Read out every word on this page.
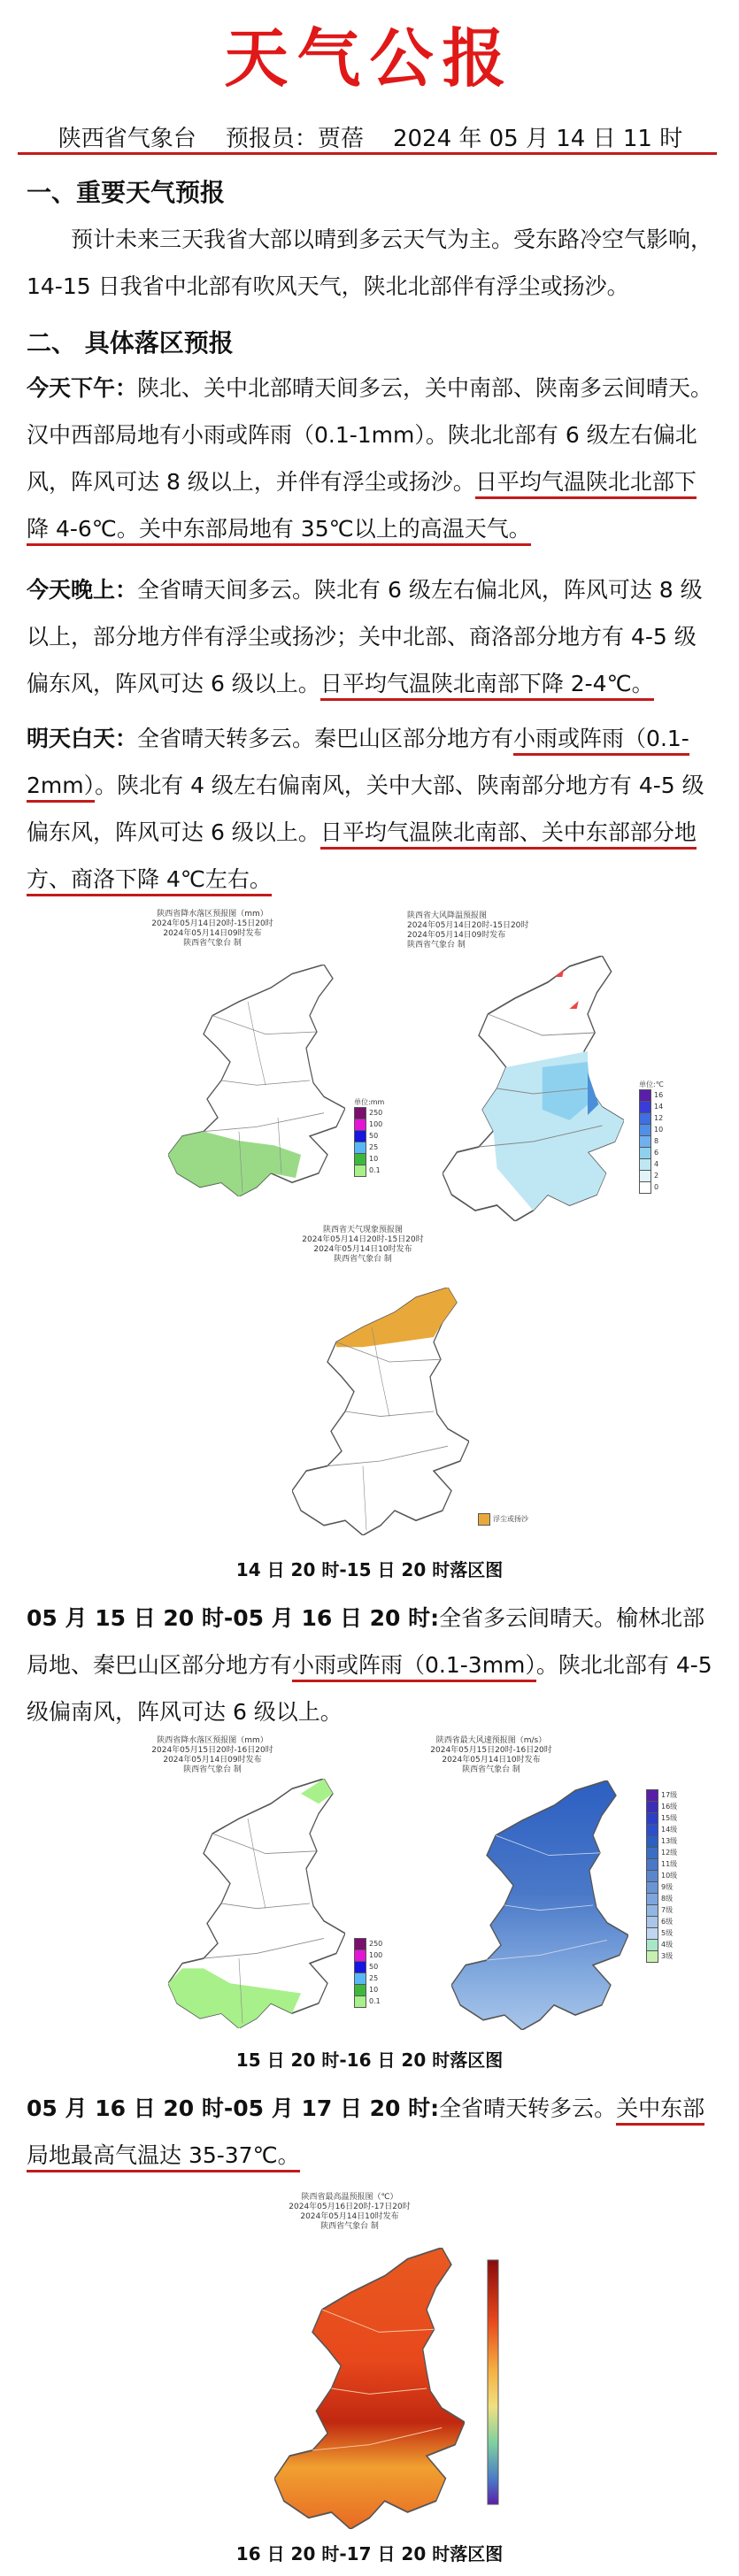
天气公报
陕西省气象台 预报员：贾蓓 2024 年 05 月 14 日 11 时
一、重要天气预报
预计未来三天我省大部以晴到多云天气为主。受东路冷空气影响，14-15 日我省中北部有吹风天气，陕北北部伴有浮尘或扬沙。
二、 具体落区预报
今天下午：陕北、关中北部晴天间多云，关中南部、陕南多云间晴天。汉中西部局地有小雨或阵雨（0.1-1mm）。陕北北部有 6 级左右偏北风，阵风可达 8 级以上，并伴有浮尘或扬沙。日平均气温陕北北部下降 4-6℃。关中东部局地有 35℃以上的高温天气。
今天晚上：全省晴天间多云。陕北有 6 级左右偏北风，阵风可达 8 级以上，部分地方伴有浮尘或扬沙；关中北部、商洛部分地方有 4-5 级偏东风，阵风可达 6 级以上。日平均气温陕北南部下降 2-4℃。
明天白天：全省晴天转多云。秦巴山区部分地方有小雨或阵雨（0.1-2mm）。陕北有 4 级左右偏南风，关中大部、陕南部分地方有 4-5 级偏东风，阵风可达 6 级以上。日平均气温陕北南部、关中东部部分地方、商洛下降 4℃左右。
陕西省降水落区预报图（mm）
2024年05月14日20时-15日20时
2024年05月14日09时发布
陕西省气象台 制
单位:mm
250
100
50
25
10
0.1
陕西省大风降温预报图
2024年05月14日20时-15日20时
2024年05月14日09时发布
陕西省气象台 制
单位:℃
16
14
12
10
8
6
4
2
0
陕西省天气现象预报图
2024年05月14日20时-15日20时
2024年05月14日10时发布
陕西省气象台 制
浮尘或扬沙
14 日 20 时-15 日 20 时落区图
05 月 15 日 20 时-05 月 16 日 20 时:全省多云间晴天。榆林北部局地、秦巴山区部分地方有小雨或阵雨（0.1-3mm）。陕北北部有 4-5 级偏南风，阵风可达 6 级以上。
陕西省降水落区预报图（mm）
2024年05月15日20时-16日20时
2024年05月14日09时发布
陕西省气象台 制
250
100
50
25
10
0.1
陕西省最大风速预报图（m/s）
2024年05月15日20时-16日20时
2024年05月14日10时发布
陕西省气象台 制
17级
16级
15级
14级
13级
12级
11级
10级
9级
8级
7级
6级
5级
4级
3级
15 日 20 时-16 日 20 时落区图
05 月 16 日 20 时-05 月 17 日 20 时:全省晴天转多云。关中东部局地最高气温达 35-37℃。
陕西省最高温预报图（℃）
2024年05月16日20时-17日20时
2024年05月14日10时发布
陕西省气象台 制
16 日 20 时-17 日 20 时落区图
